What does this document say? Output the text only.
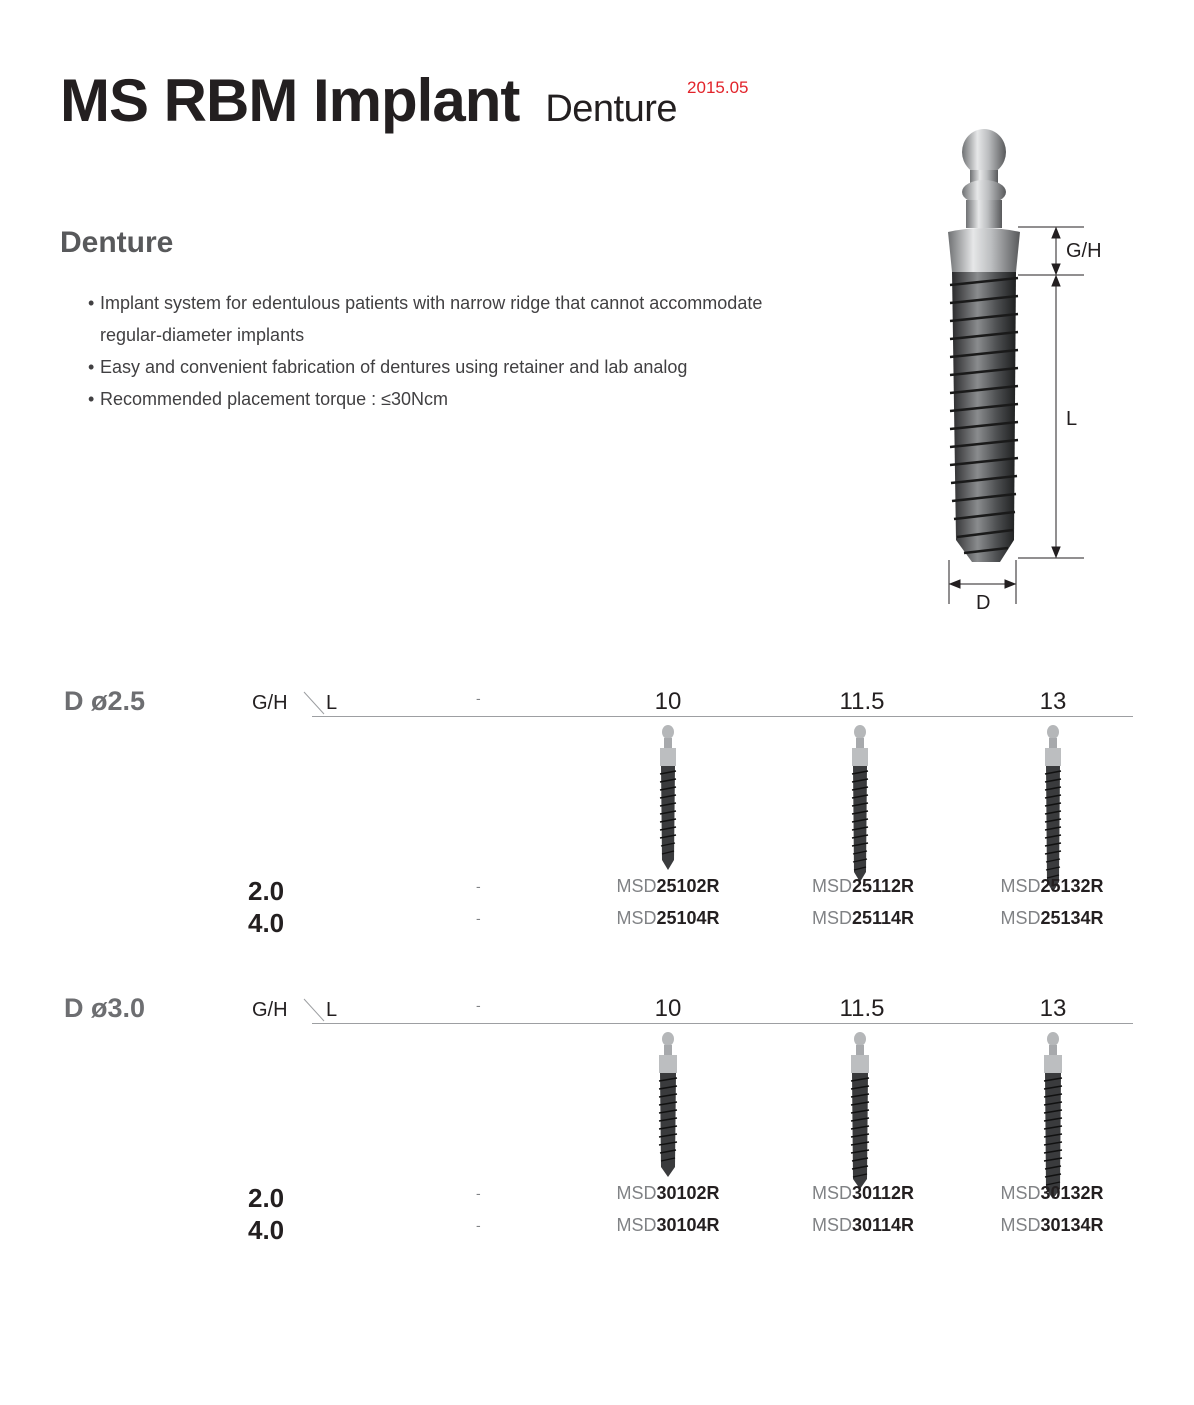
MS RBM Implant Denture2015.05
Denture
• Implant system for edentulous patients with narrow ridge that cannot accommodate regular-diameter implants
• Easy and convenient fabrication of dentures using retainer and lab analog
• Recommended placement torque : ≤30Ncm
G/H
L
D
D ø2.5	G/H L	-	10	11.5	13
2.0	-	MSD25102R	MSD25112R	MSD25132R
4.0	-	MSD25104R	MSD25114R	MSD25134R
D ø3.0	G/H L	-	10	11.5	13
2.0	-	MSD30102R	MSD30112R	MSD30132R
4.0	-	MSD30104R	MSD30114R	MSD30134R
